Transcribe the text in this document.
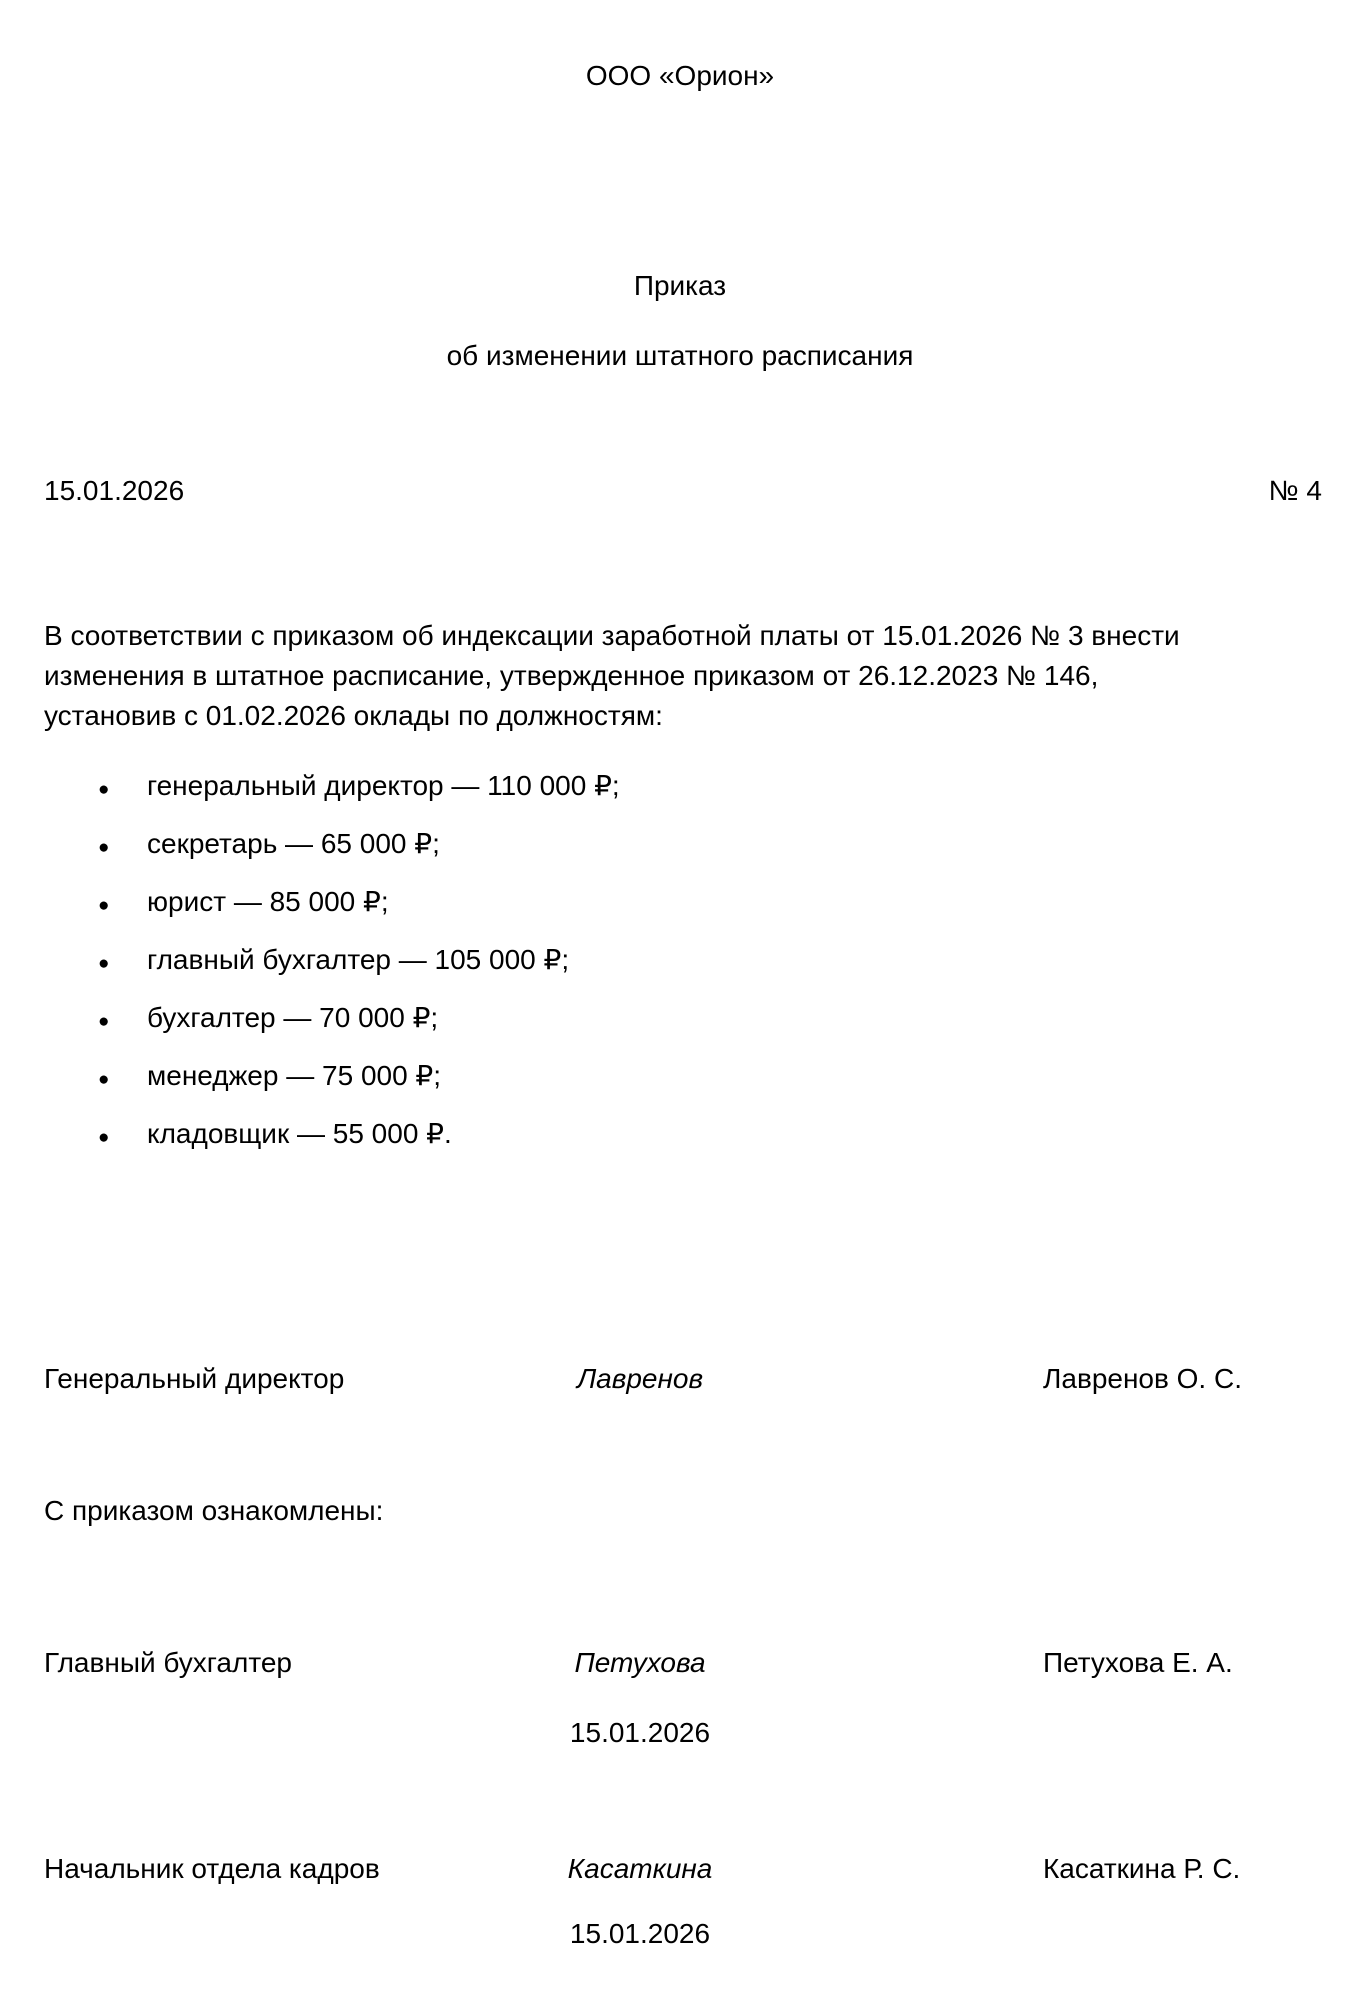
ООО «Орион»
Приказ
об изменении штатного расписания
15.01.2026	№ 4
В соответствии с приказом об индексации заработной платы от 15.01.2026 № 3 внести
изменения в штатное расписание, утвержденное приказом от 26.12.2023 № 146,
установив с 01.02.2026 оклады по должностям:
●	генеральный директор — 110 000 ₽;
●	секретарь — 65 000 ₽;
●	юрист — 85 000 ₽;
●	главный бухгалтер — 105 000 ₽;
●	бухгалтер — 70 000 ₽;
●	менеджер — 75 000 ₽;
●	кладовщик — 55 000 ₽.
Генеральный директор	Лавренов	Лавренов О. С.
С приказом ознакомлены:
Главный бухгалтер	Петухова	Петухова Е. А.
15.01.2026
Начальник отдела кадров	Касаткина	Касаткина Р. С.
15.01.2026
